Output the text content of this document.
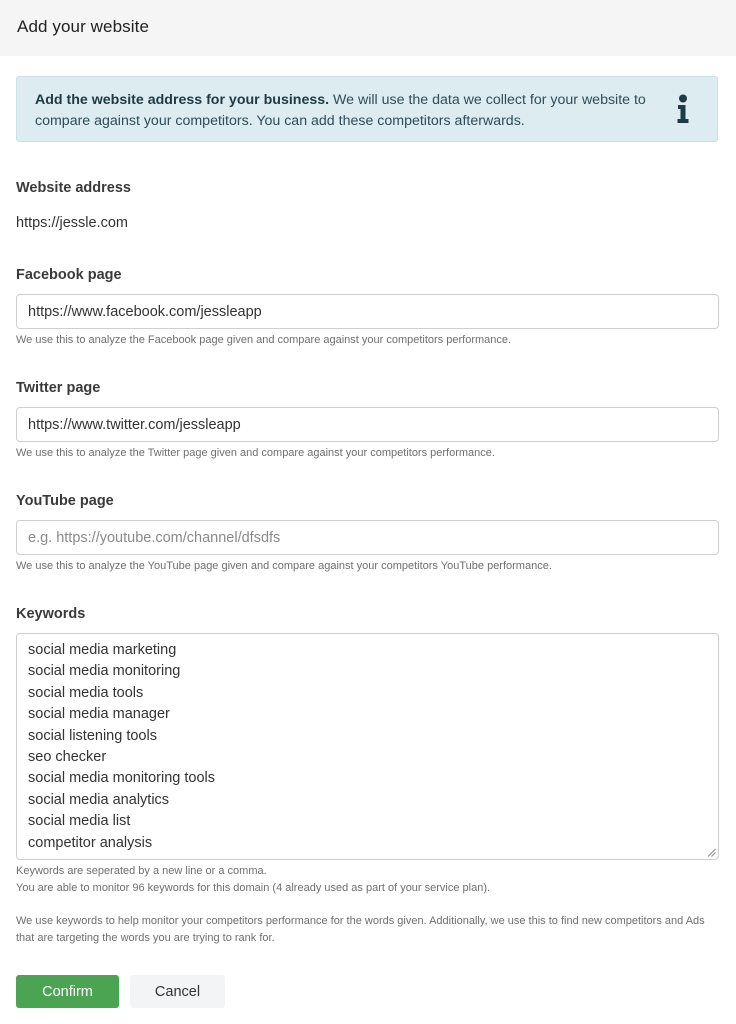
Add your website
Add the website address for your business. We will use the data we collect for your website to compare against your competitors. You can add these competitors afterwards.
Website address
https://jessle.com
Facebook page
https://www.facebook.com/jessleapp
We use this to analyze the Facebook page given and compare against your competitors performance.
Twitter page
https://www.twitter.com/jessleapp
We use this to analyze the Twitter page given and compare against your competitors performance.
YouTube page
e.g. https://youtube.com/channel/dfsdfs
We use this to analyze the YouTube page given and compare against your competitors YouTube performance.
Keywords
social media marketing
social media monitoring
social media tools
social media manager
social listening tools
seo checker
social media monitoring tools
social media analytics
social media list
competitor analysis
Keywords are seperated by a new line or a comma.
You are able to monitor 96 keywords for this domain (4 already used as part of your service plan).
We use keywords to help monitor your competitors performance for the words given. Additionally, we use this to find new competitors and Ads that are targeting the words you are trying to rank for.
Confirm	Cancel
